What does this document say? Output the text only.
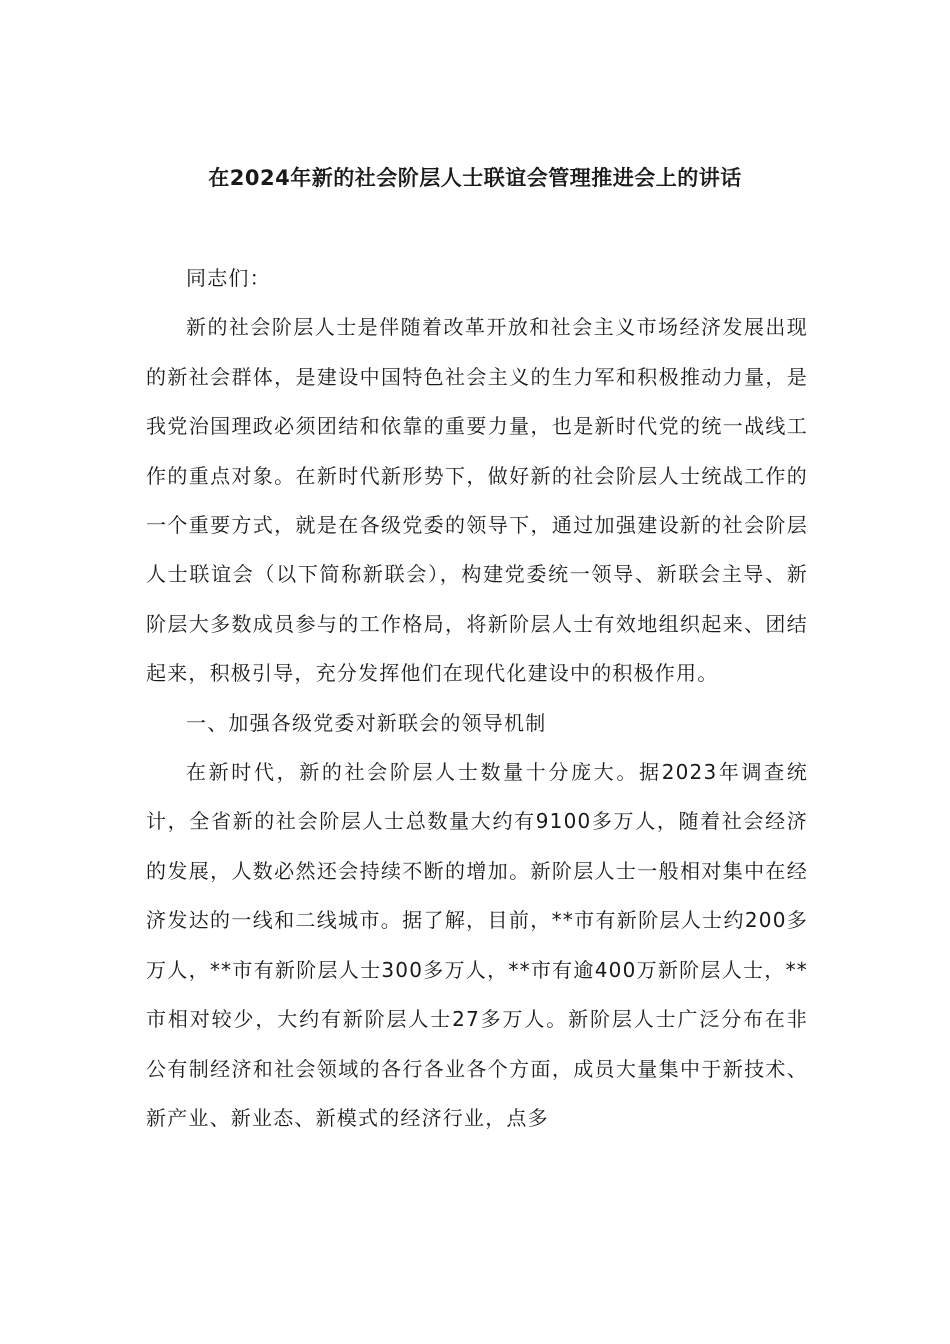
在2024年新的社会阶层人士联谊会管理推进会上的讲话

同志们：

新的社会阶层人士是伴随着改革开放和社会主义市场经济发展出现的新社会群体，是建设中国特色社会主义的生力军和积极推动力量，是我党治国理政必须团结和依靠的重要力量，也是新时代党的统一战线工作的重点对象。在新时代新形势下，做好新的社会阶层人士统战工作的一个重要方式，就是在各级党委的领导下，通过加强建设新的社会阶层人士联谊会（以下简称新联会），构建党委统一领导、新联会主导、新阶层大多数成员参与的工作格局，将新阶层人士有效地组织起来、团结起来，积极引导，充分发挥他们在现代化建设中的积极作用。

一、加强各级党委对新联会的领导机制

在新时代，新的社会阶层人士数量十分庞大。据2023年调查统计，全省新的社会阶层人士总数量大约有9100多万人，随着社会经济的发展，人数必然还会持续不断的增加。新阶层人士一般相对集中在经济发达的一线和二线城市。据了解，目前，**市有新阶层人士约200多万人，**市有新阶层人士300多万人，**市有逾400万新阶层人士，**市相对较少，大约有新阶层人士27多万人。新阶层人士广泛分布在非公有制经济和社会领域的各行各业各个方面，成员大量集中于新技术、新产业、新业态、新模式的经济行业，点多
